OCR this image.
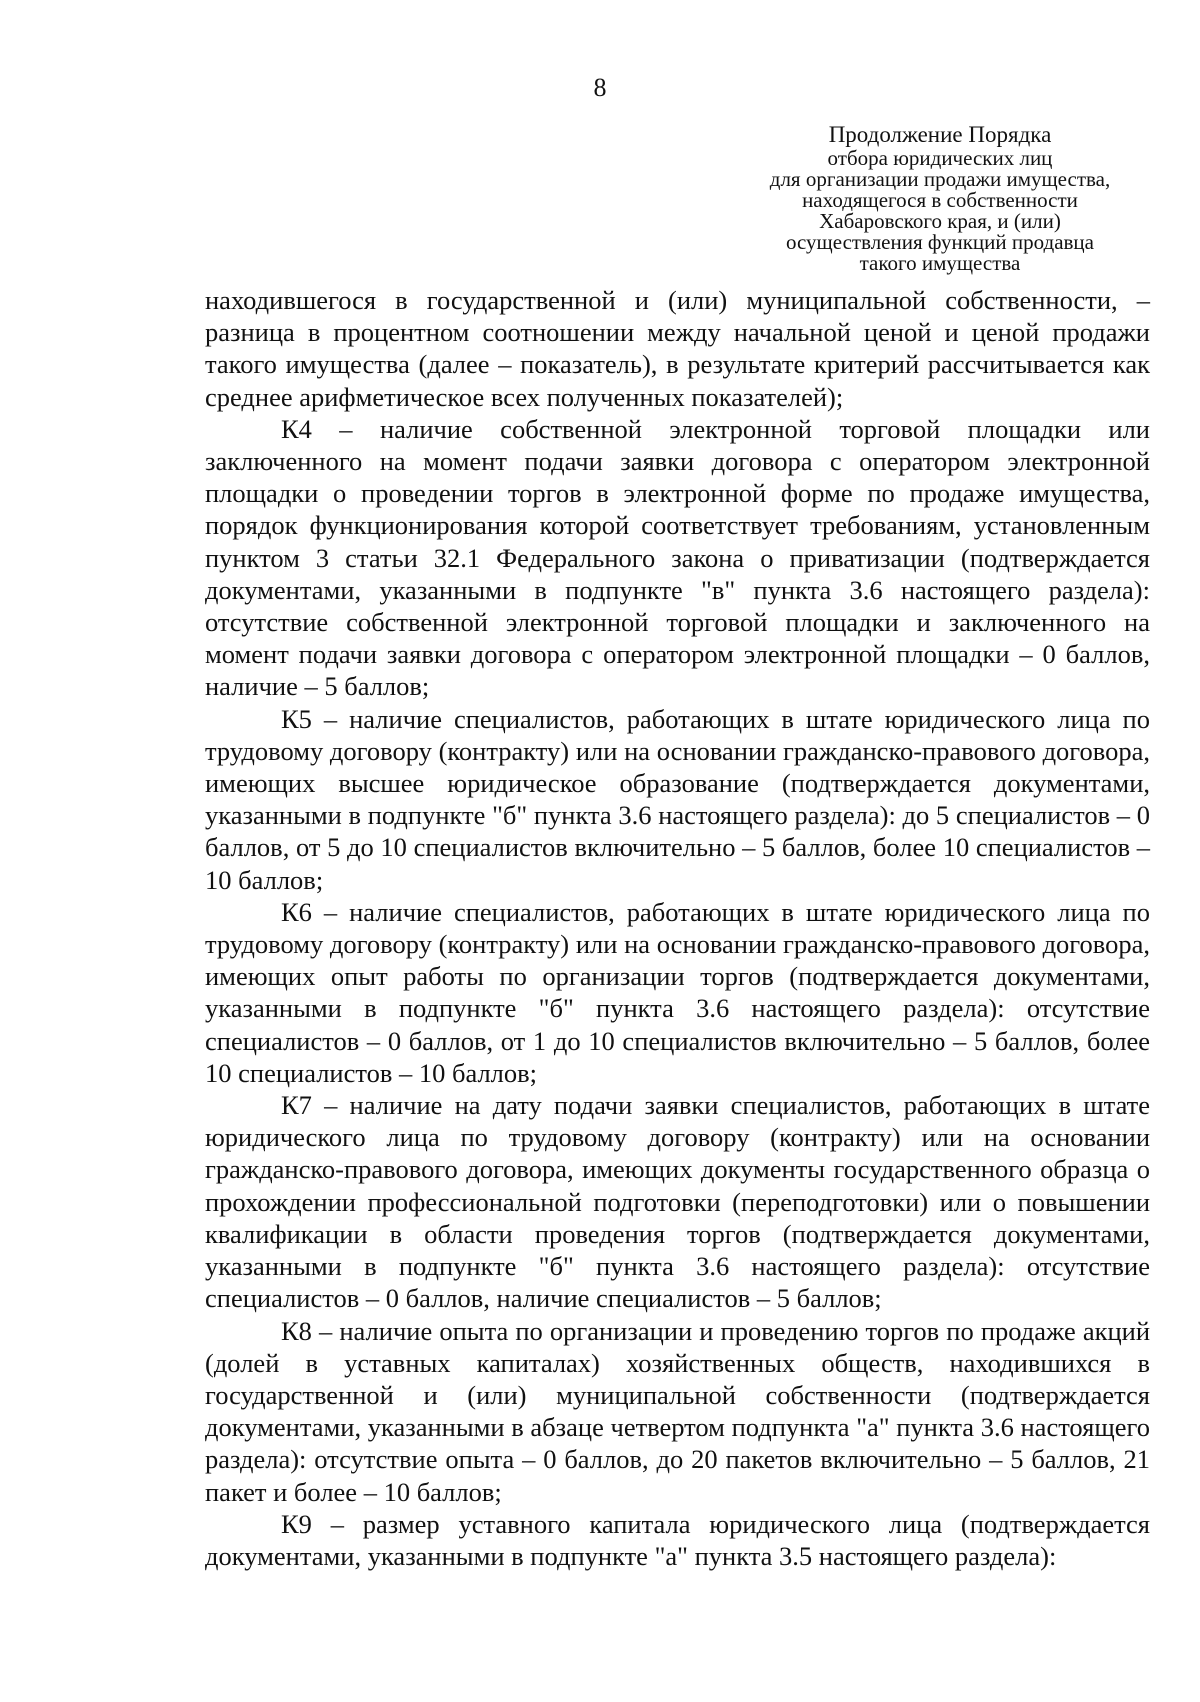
8
Продолжение Порядка
отбора юридических лиц
для организации продажи имущества,
находящегося в собственности
Хабаровского края, и (или)
осуществления функций продавца
такого имущества

находившегося в государственной и (или) муниципальной собственности, – разница в процентном соотношении между начальной ценой и ценой продажи такого имущества (далее – показатель), в результате критерий рассчитывается как среднее арифметическое всех полученных показателей);

К4 – наличие собственной электронной торговой площадки или заключенного на момент подачи заявки договора с оператором электронной площадки о проведении торгов в электронной форме по продаже имущества, порядок функционирования которой соответствует требованиям, установленным пунктом 3 статьи 32.1 Федерального закона о приватизации (подтверждается документами, указанными в подпункте "в" пункта 3.6 настоящего раздела): отсутствие собственной электронной торговой площадки и заключенного на момент подачи заявки договора с оператором электронной площадки – 0 баллов, наличие – 5 баллов;

К5 – наличие специалистов, работающих в штате юридического лица по трудовому договору (контракту) или на основании гражданско-правового договора, имеющих высшее юридическое образование (подтверждается документами, указанными в подпункте "б" пункта 3.6 настоящего раздела): до 5 специалистов – 0 баллов, от 5 до 10 специалистов включительно – 5 баллов, более 10 специалистов – 10 баллов;

К6 – наличие специалистов, работающих в штате юридического лица по трудовому договору (контракту) или на основании гражданско-правового договора, имеющих опыт работы по организации торгов (подтверждается документами, указанными в подпункте "б" пункта 3.6 настоящего раздела): отсутствие специалистов – 0 баллов, от 1 до 10 специалистов включительно – 5 баллов, более 10 специалистов – 10 баллов;

К7 – наличие на дату подачи заявки специалистов, работающих в штате юридического лица по трудовому договору (контракту) или на основании гражданско-правового договора, имеющих документы государственного образца о прохождении профессиональной подготовки (переподготовки) или о повышении квалификации в области проведения торгов (подтверждается документами, указанными в подпункте "б" пункта 3.6 настоящего раздела): отсутствие специалистов – 0 баллов, наличие специалистов – 5 баллов;

К8 – наличие опыта по организации и проведению торгов по продаже акций (долей в уставных капиталах) хозяйственных обществ, находившихся в государственной и (или) муниципальной собственности (подтверждается документами, указанными в абзаце четвертом подпункта "а" пункта 3.6 настоящего раздела): отсутствие опыта – 0 баллов, до 20 пакетов включительно – 5 баллов, 21 пакет и более – 10 баллов;

К9 – размер уставного капитала юридического лица (подтверждается документами, указанными в подпункте "а" пункта 3.5 настоящего раздела):
